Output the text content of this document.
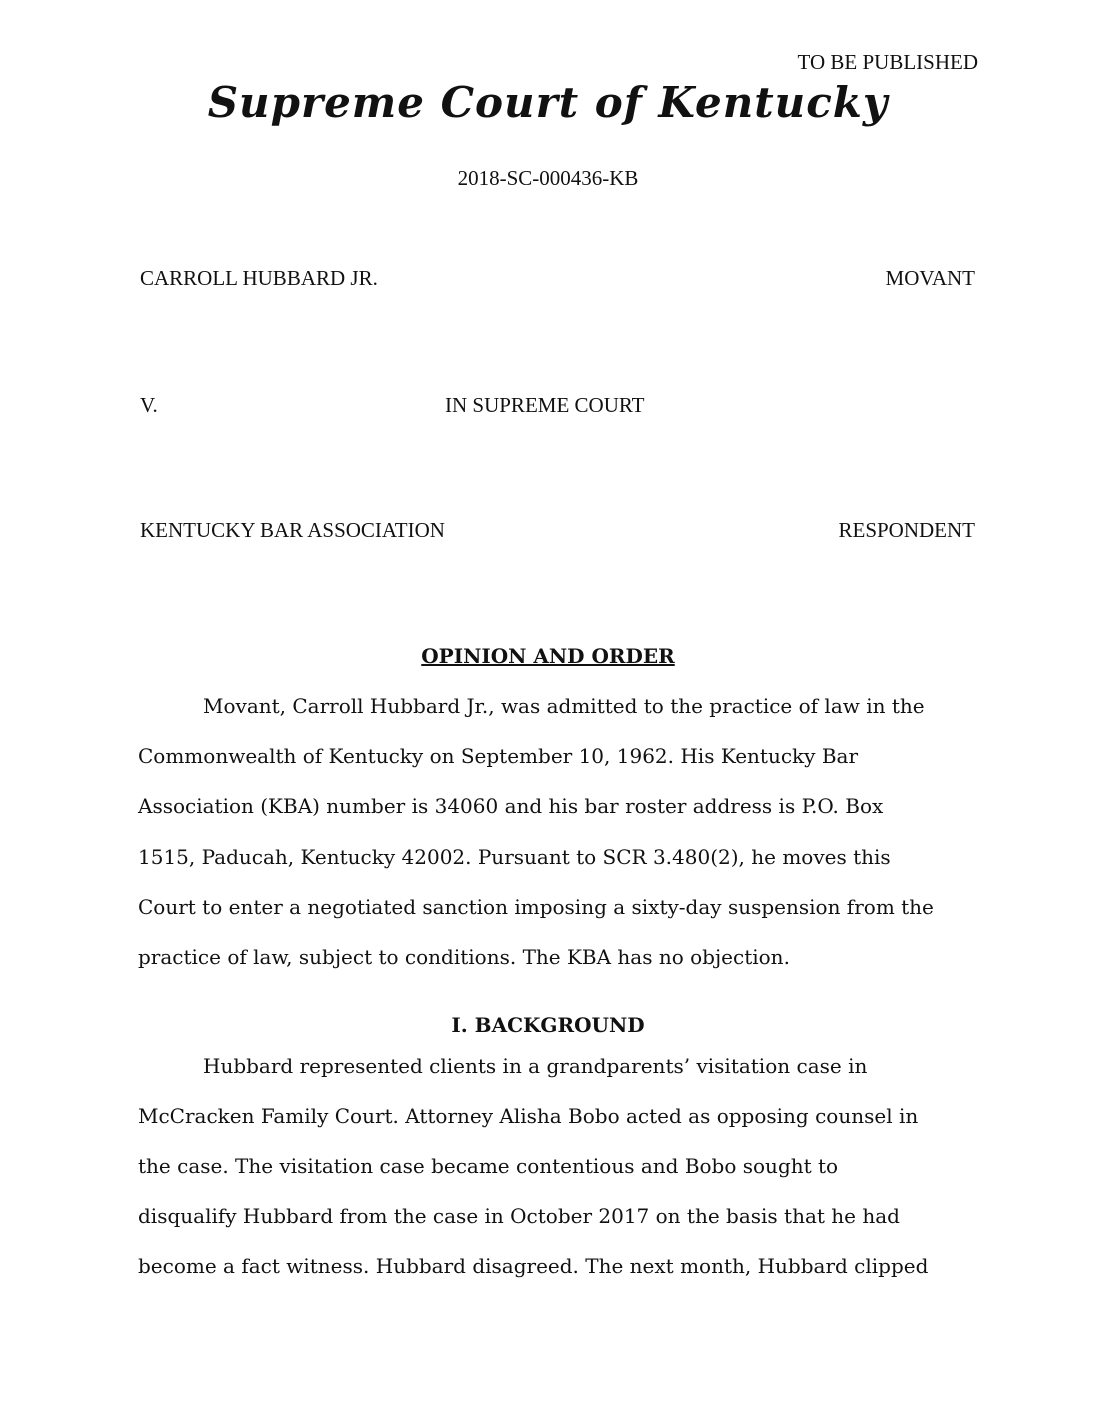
TO BE PUBLISHED
Supreme Court of Kentucky
2018-SC-000436-KB
CARROLL HUBBARD JR.	MOVANT
V.	IN SUPREME COURT
KENTUCKY BAR ASSOCIATION	RESPONDENT
OPINION AND ORDER
Movant, Carroll Hubbard Jr., was admitted to the practice of law in the
Commonwealth of Kentucky on September 10, 1962. His Kentucky Bar
Association (KBA) number is 34060 and his bar roster address is P.O. Box
1515, Paducah, Kentucky 42002. Pursuant to SCR 3.480(2), he moves this
Court to enter a negotiated sanction imposing a sixty-day suspension from the
practice of law, subject to conditions. The KBA has no objection.
I. BACKGROUND
Hubbard represented clients in a grandparents’ visitation case in
McCracken Family Court. Attorney Alisha Bobo acted as opposing counsel in
the case. The visitation case became contentious and Bobo sought to
disqualify Hubbard from the case in October 2017 on the basis that he had
become a fact witness. Hubbard disagreed. The next month, Hubbard clipped
